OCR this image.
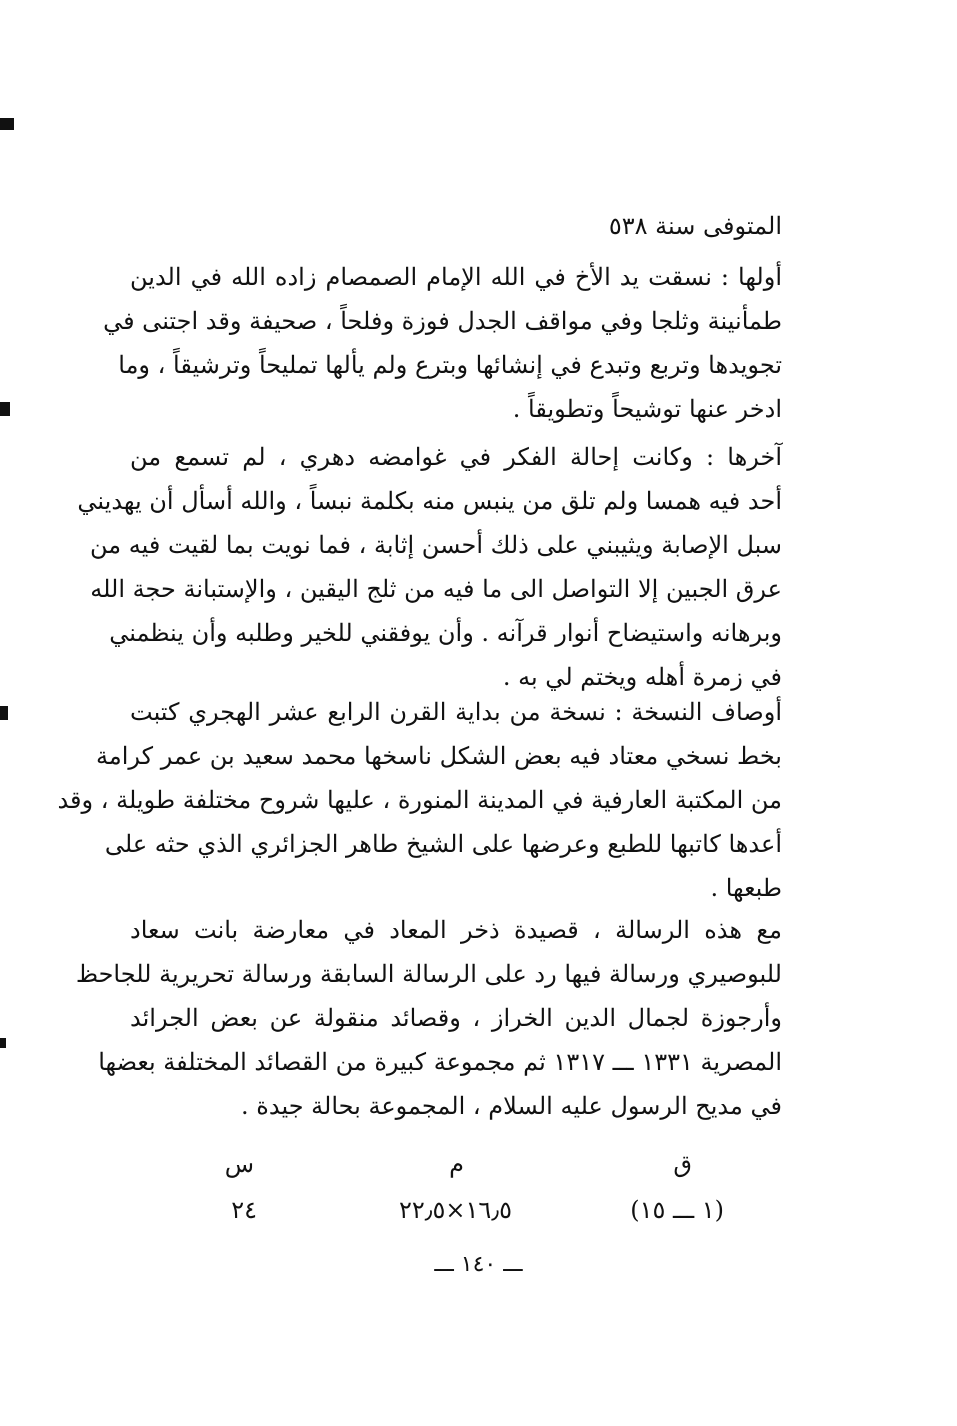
المتوفى سنة ٥٣٨
أولها : نسقت يد الأخ في الله الإمام الصمصام زاده الله في الدين
طمأنينة وثلجا وفي مواقف الجدل فوزة وفلحاً ، صحيفة وقد اجتنى في
تجويدها وتربع وتبدع في إنشائها وبترع ولم يألها تمليحاً وترشيقاً ، وما
ادخر عنها توشيحاً وتطويقاً .
آخرها : وكانت إحالة الفكر في غوامضه دهري ، لم تسمع من
أحد فيه همسا ولم تلق من ينبس منه بكلمة نبساً ، والله أسأل أن يهديني
سبل الإصابة ويثيبني على ذلك أحسن إثابة ، فما نويت بما لقيت فيه من
عرق الجبين إلا التواصل الى ما فيه من ثلج اليقين ، والإستبانة حجة الله
وبرهانه واستيضاح أنوار قرآنه . وأن يوفقني للخير وطلبه وأن ينظمني
في زمرة أهله ويختم لي به .
أوصاف النسخة : نسخة من بداية القرن الرابع عشر الهجري كتبت
بخط نسخي معتاد فيه بعض الشكل ناسخها محمد سعيد بن عمر كرامة
من المكتبة العارفية في المدينة المنورة ، عليها شروح مختلفة طويلة ، وقد
أعدها كاتبها للطبع وعرضها على الشيخ طاهر الجزائري الذي حثه على
طبعها .
مع هذه الرسالة ، قصيدة ذخر المعاد في معارضة بانت سعاد
للبوصيري ورسالة فيها رد على الرسالة السابقة ورسالة تحريرية للجاحظ
وأرجوزة لجمال الدين الخراز ، وقصائد منقولة عن بعض الجرائد
المصرية ١٣٣١ ـــ ١٣١٧ ثم مجموعة كبيرة من القصائد المختلفة بعضها
في مديح الرسول عليه السلام ، المجموعة بحالة جيدة .
ق
م
س
(١ ـــ ١٥)
١٦٫٥×٢٢٫٥
٢٤
ـــ ١٤٠ ـــ
